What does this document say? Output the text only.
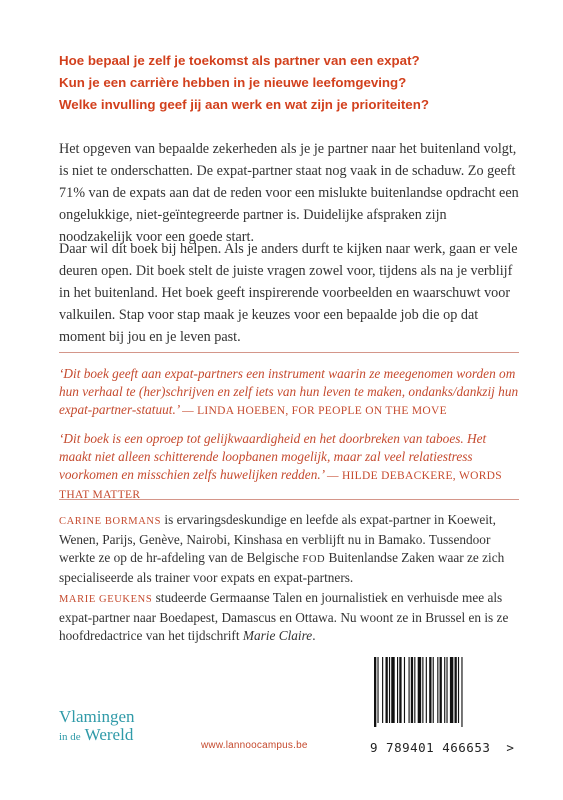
Hoe bepaal je zelf je toekomst als partner van een expat?
Kun je een carrière hebben in je nieuwe leefomgeving?
Welke invulling geef jij aan werk en wat zijn je prioriteiten?
Het opgeven van bepaalde zekerheden als je je partner naar het buitenland volgt, is niet te onderschatten. De expat-partner staat nog vaak in de schaduw. Zo geeft 71% van de expats aan dat de reden voor een mislukte buitenlandse opdracht een ongelukkige, niet-geïntegreerde partner is. Duidelijke afspraken zijn noodzakelijk voor een goede start.
Daar wil dit boek bij helpen. Als je anders durft te kijken naar werk, gaan er vele deuren open. Dit boek stelt de juiste vragen zowel voor, tijdens als na je verblijf in het buitenland. Het boek geeft inspirerende voorbeelden en waarschuwt voor valkuilen. Stap voor stap maak je keuzes voor een bepaalde job die op dat moment bij jou en je leven past.
‘Dit boek geeft aan expat-partners een instrument waarin ze meegenomen worden om hun verhaal te (her)schrijven en zelf iets van hun leven te maken, ondanks/dankzij hun expat-partner-statuut.’ — LINDA HOEBEN, FOR PEOPLE ON THE MOVE
‘Dit boek is een oproep tot gelijkwaardigheid en het doorbreken van taboes. Het maakt niet alleen schitterende loopbanen mogelijk, maar zal veel relatiestress voorkomen en misschien zelfs huwelijken redden.’ — HILDE DEBACKERE, WORDS THAT MATTER
CARINE BORMANS is ervaringsdeskundige en leefde als expat-partner in Koeweit, Wenen, Parijs, Genève, Nairobi, Kinshasa en verblijft nu in Bamako. Tussendoor werkte ze op de hr-afdeling van de Belgische FOD Buitenlandse Zaken waar ze zich specialiseerde als trainer voor expats en expat-partners.
MARIE GEUKENS studeerde Germaanse Talen en journalistiek en verhuisde mee als expat-partner naar Boedapest, Damascus en Ottawa. Nu woont ze in Brussel en is ze hoofdredactrice van het tijdschrift Marie Claire.
Vlamingen
in de Wereld
www.lannoocampus.be	9 789401 466653 >
